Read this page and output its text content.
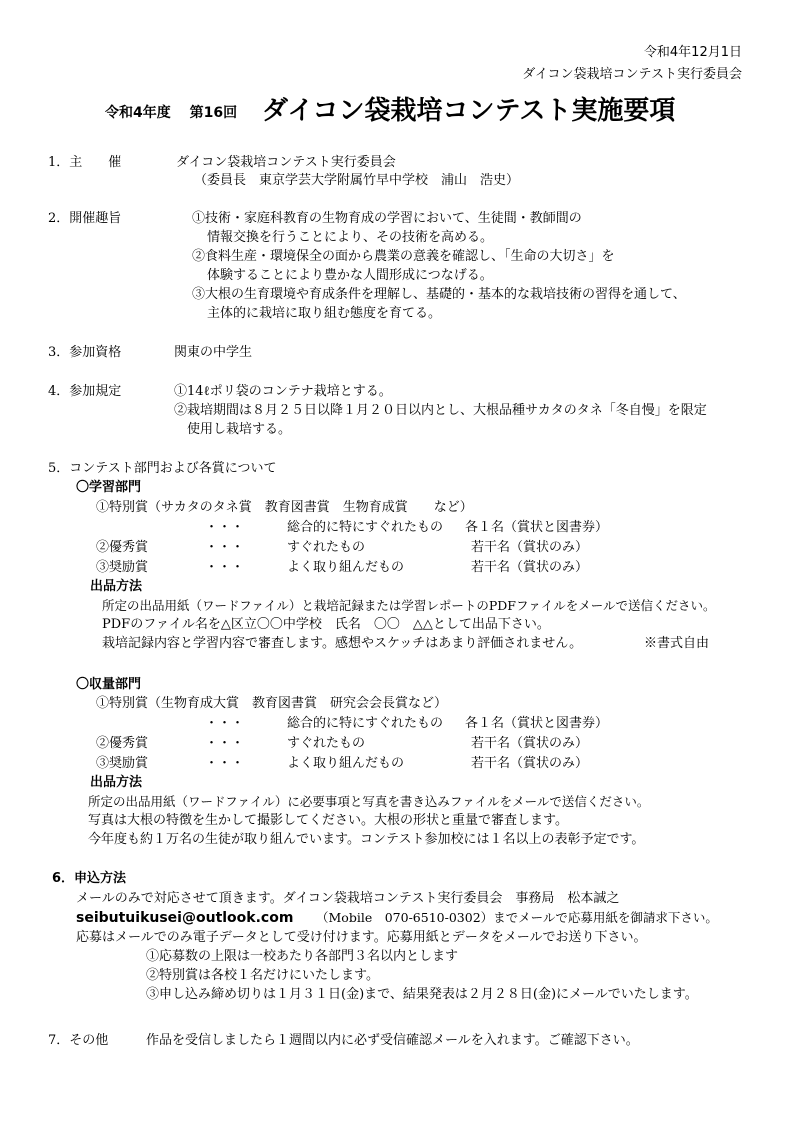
令和4年12月1日
ダイコン袋栽培コンテスト実行委員会
令和4年度　 第16回 ダイコン袋栽培コンテスト実施要項
1．主　　催	ダイコン袋栽培コンテスト実行委員会
（委員長　東京学芸大学附属竹早中学校　浦山　浩史）
2．開催趣旨	①技術・家庭科教育の生物育成の学習において、生徒間・教師間の
情報交換を行うことにより、その技術を高める。
②食料生産・環境保全の面から農業の意義を確認し、「生命の大切さ」を
体験することにより豊かな人間形成につなげる。
③大根の生育環境や育成条件を理解し、基礎的・基本的な栽培技術の習得を通して、
主体的に栽培に取り組む態度を育てる。
3．参加資格	関東の中学生
4．参加規定	①14ℓポリ袋のコンテナ栽培とする。
②栽培期間は８月２５日以降１月２０日以内とし、大根品種サカタのタネ「冬自慢」を限定
使用し栽培する。
5．コンテスト部門および各賞について
〇学習部門
①特別賞（サカタのタネ賞　教育図書賞　生物育成賞　　など）
・・・	総合的に特にすぐれたもの 各１名（賞状と図書券）
②優秀賞	・・・	すぐれたもの	若干名（賞状のみ）
③奨励賞	・・・	よく取り組んだもの	若干名（賞状のみ）
出品方法
所定の出品用紙（ワードファイル）と栽培記録または学習レポートのPDFファイルをメールで送信ください。
PDFのファイル名を△区立〇〇中学校　氏名　〇〇　△△として出品下さい。
栽培記録内容と学習内容で審査します。感想やスケッチはあまり評価されません。	※書式自由
〇収量部門
①特別賞（生物育成大賞　教育図書賞　研究会会長賞など）
・・・	総合的に特にすぐれたもの 各１名（賞状と図書券）
②優秀賞	・・・	すぐれたもの	若干名（賞状のみ）
③奨励賞	・・・	よく取り組んだもの	若干名（賞状のみ）
出品方法
所定の出品用紙（ワードファイル）に必要事項と写真を書き込みファイルをメールで送信ください。
写真は大根の特徴を生かして撮影してください。大根の形状と重量で審査します。
今年度も約１万名の生徒が取り組んでいます。コンテスト参加校には１名以上の表彰予定です。
6．申込方法
メールのみで対応させて頂きます。ダイコン袋栽培コンテスト実行委員会　事務局　松本誠之
seibutuikusei@outlook.com （Mobile　070-6510-0302）までメールで応募用紙を御請求下さい。
応募はメールでのみ電子データとして受け付けます。応募用紙とデータをメールでお送り下さい。
①応募数の上限は一校あたり各部門３名以内とします
②特別賞は各校１名だけにいたします。
③申し込み締め切りは１月３１日(金)まで、結果発表は２月２８日(金)にメールでいたします。
7．その他	作品を受信しましたら１週間以内に必ず受信確認メールを入れます。ご確認下さい。
